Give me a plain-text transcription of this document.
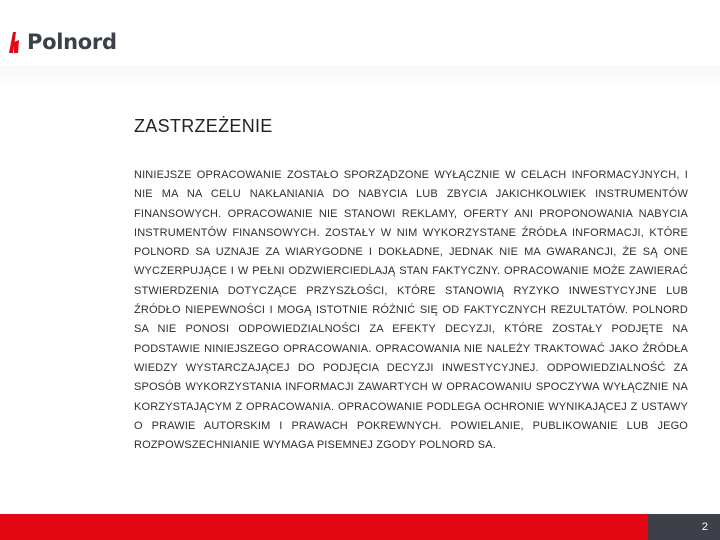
Polnord
ZASTRZEŻENIE

NINIEJSZE OPRACOWANIE ZOSTAŁO SPORZĄDZONE WYŁĄCZNIE W CELACH INFORMACYJNYCH, I NIE MA NA CELU NAKŁANIANIA DO NABYCIA LUB ZBYCIA JAKICHKOLWIEK INSTRUMENTÓW FINANSOWYCH. OPRACOWANIE NIE STANOWI REKLAMY, OFERTY ANI PROPONOWANIA NABYCIA INSTRUMENTÓW FINANSOWYCH. ZOSTAŁY W NIM WYKORZYSTANE ŹRÓDŁA INFORMACJI, KTÓRE POLNORD SA UZNAJE ZA WIARYGODNE I DOKŁADNE, JEDNAK NIE MA GWARANCJI, ŻE SĄ ONE WYCZERPUJĄCE I W PEŁNI ODZWIERCIEDLAJĄ STAN FAKTYCZNY. OPRACOWANIE MOŻE ZAWIERAĆ STWIERDZENIA DOTYCZĄCE PRZYSZŁOŚCI, KTÓRE STANOWIĄ RYZYKO INWESTYCYJNE LUB ŹRÓDŁO NIEPEWNOŚCI I MOGĄ ISTOTNIE RÓŻNIĆ SIĘ OD FAKTYCZNYCH REZULTATÓW. POLNORD SA NIE PONOSI ODPOWIEDZIALNOŚCI ZA EFEKTY DECYZJI, KTÓRE ZOSTAŁY PODJĘTE NA PODSTAWIE NINIEJSZEGO OPRACOWANIA. OPRACOWANIA NIE NALEŻY TRAKTOWAĆ JAKO ŹRÓDŁA WIEDZY WYSTARCZAJĄCEJ DO PODJĘCIA DECYZJI INWESTYCYJNEJ. ODPOWIEDZIALNOŚĆ ZA SPOSÓB WYKORZYSTANIA INFORMACJI ZAWARTYCH W OPRACOWANIU SPOCZYWA WYŁĄCZNIE NA KORZYSTAJĄCYM Z OPRACOWANIA. OPRACOWANIE PODLEGA OCHRONIE WYNIKAJĄCEJ Z USTAWY O PRAWIE AUTORSKIM I PRAWACH POKREWNYCH. POWIELANIE, PUBLIKOWANIE LUB JEGO ROZPOWSZECHNIANIE WYMAGA PISEMNEJ ZGODY POLNORD SA.

2
